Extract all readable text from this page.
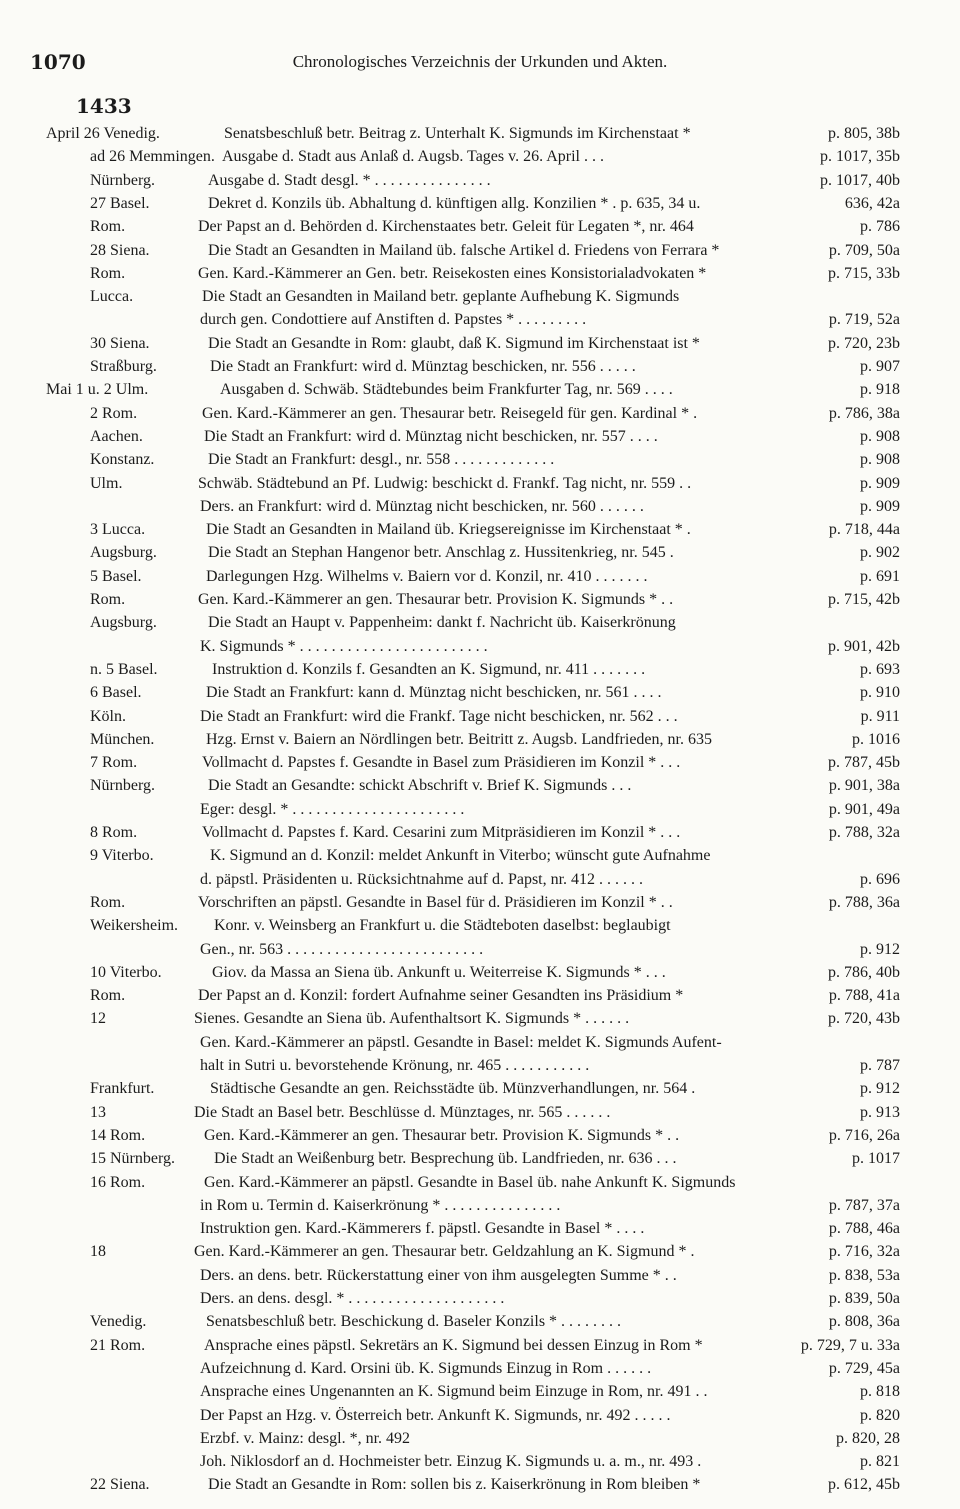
1070	Chronologisches Verzeichnis der Urkunden und Akten.
1433
April 26 Venedig.	Senatsbeschluß betr. Beitrag z. Unterhalt K. Sigmunds im Kirchenstaat *	p. 805, 38b
ad 26 Memmingen. Ausgabe d. Stadt aus Anlaß d. Augsb. Tages v. 26. April . . .	p. 1017, 35b
Nürnberg.	Ausgabe d. Stadt desgl. * . . . . . . . . . . . . . . .	p. 1017, 40b
27 Basel.	Dekret d. Konzils üb. Abhaltung d. künftigen allg. Konzilien * . p. 635, 34 u.	636, 42a
Rom.	Der Papst an d. Behörden d. Kirchenstaates betr. Geleit für Legaten *, nr. 464	p. 786
28 Siena.	Die Stadt an Gesandten in Mailand üb. falsche Artikel d. Friedens von Ferrara *	p. 709, 50a
Rom.	Gen. Kard.-Kämmerer an Gen. betr. Reisekosten eines Konsistorialadvokaten *	p. 715, 33b
Lucca.	Die Stadt an Gesandten in Mailand betr. geplante Aufhebung K. Sigmunds
durch gen. Condottiere auf Anstiften d. Papstes * . . . . . . . . .	p. 719, 52a
30 Siena.	Die Stadt an Gesandte in Rom: glaubt, daß K. Sigmund im Kirchenstaat ist *	p. 720, 23b
Straßburg.	Die Stadt an Frankfurt: wird d. Münztag beschicken, nr. 556 . . . . .	p. 907
Mai 1 u. 2 Ulm.	Ausgaben d. Schwäb. Städtebundes beim Frankfurter Tag, nr. 569 . . . .	p. 918
2 Rom.	Gen. Kard.-Kämmerer an gen. Thesaurar betr. Reisegeld für gen. Kardinal * .	p. 786, 38a
Aachen.	Die Stadt an Frankfurt: wird d. Münztag nicht beschicken, nr. 557 . . . .	p. 908
Konstanz.	Die Stadt an Frankfurt: desgl., nr. 558 . . . . . . . . . . . . .	p. 908
Ulm.	Schwäb. Städtebund an Pf. Ludwig: beschickt d. Frankf. Tag nicht, nr. 559 . .	p. 909
Ders. an Frankfurt: wird d. Münztag nicht beschicken, nr. 560 . . . . . .	p. 909
3 Lucca.	Die Stadt an Gesandten in Mailand üb. Kriegsereignisse im Kirchenstaat * .	p. 718, 44a
Augsburg.	Die Stadt an Stephan Hangenor betr. Anschlag z. Hussitenkrieg, nr. 545 .	p. 902
5 Basel.	Darlegungen Hzg. Wilhelms v. Baiern vor d. Konzil, nr. 410 . . . . . . .	p. 691
Rom.	Gen. Kard.-Kämmerer an gen. Thesaurar betr. Provision K. Sigmunds * . .	p. 715, 42b
Augsburg.	Die Stadt an Haupt v. Pappenheim: dankt f. Nachricht üb. Kaiserkrönung
K. Sigmunds * . . . . . . . . . . . . . . . . . . . . . . . .	p. 901, 42b
n. 5 Basel.	Instruktion d. Konzils f. Gesandten an K. Sigmund, nr. 411 . . . . . . .	p. 693
6 Basel.	Die Stadt an Frankfurt: kann d. Münztag nicht beschicken, nr. 561 . . . .	p. 910
Köln.	Die Stadt an Frankfurt: wird die Frankf. Tage nicht beschicken, nr. 562 . . .	p. 911
München.	Hzg. Ernst v. Baiern an Nördlingen betr. Beitritt z. Augsb. Landfrieden, nr. 635	p. 1016
7 Rom.	Vollmacht d. Papstes f. Gesandte in Basel zum Präsidieren im Konzil * . . .	p. 787, 45b
Nürnberg.	Die Stadt an Gesandte: schickt Abschrift v. Brief K. Sigmunds . . .	p. 901, 38a
Eger: desgl. * . . . . . . . . . . . . . . . . . . . . . .	p. 901, 49a
8 Rom.	Vollmacht d. Papstes f. Kard. Cesarini zum Mitpräsidieren im Konzil * . . .	p. 788, 32a
9 Viterbo.	K. Sigmund an d. Konzil: meldet Ankunft in Viterbo; wünscht gute Aufnahme
d. päpstl. Präsidenten u. Rücksichtnahme auf d. Papst, nr. 412 . . . . . .	p. 696
Rom.	Vorschriften an päpstl. Gesandte in Basel für d. Präsidieren im Konzil * . .	p. 788, 36a
Weikersheim.	Konr. v. Weinsberg an Frankfurt u. die Städteboten daselbst: beglaubigt
Gen., nr. 563 . . . . . . . . . . . . . . . . . . . . . . . . .	p. 912
10 Viterbo.	Giov. da Massa an Siena üb. Ankunft u. Weiterreise K. Sigmunds * . . .	p. 786, 40b
Rom.	Der Papst an d. Konzil: fordert Aufnahme seiner Gesandten ins Präsidium *	p. 788, 41a
12	Sienes. Gesandte an Siena üb. Aufenthaltsort K. Sigmunds * . . . . . .	p. 720, 43b
Gen. Kard.-Kämmerer an päpstl. Gesandte in Basel: meldet K. Sigmunds Aufent-
halt in Sutri u. bevorstehende Krönung, nr. 465 . . . . . . . . . . .	p. 787
Frankfurt.	Städtische Gesandte an gen. Reichsstädte üb. Münzverhandlungen, nr. 564 .	p. 912
13	Die Stadt an Basel betr. Beschlüsse d. Münztages, nr. 565 . . . . . .	p. 913
14 Rom.	Gen. Kard.-Kämmerer an gen. Thesaurar betr. Provision K. Sigmunds * . .	p. 716, 26a
15 Nürnberg.	Die Stadt an Weißenburg betr. Besprechung üb. Landfrieden, nr. 636 . . .	p. 1017
16 Rom.	Gen. Kard.-Kämmerer an päpstl. Gesandte in Basel üb. nahe Ankunft K. Sigmunds
in Rom u. Termin d. Kaiserkrönung * . . . . . . . . . . . . . . .	p. 787, 37a
Instruktion gen. Kard.-Kämmerers f. päpstl. Gesandte in Basel * . . . .	p. 788, 46a
18	Gen. Kard.-Kämmerer an gen. Thesaurar betr. Geldzahlung an K. Sigmund * .	p. 716, 32a
Ders. an dens. betr. Rückerstattung einer von ihm ausgelegten Summe * . .	p. 838, 53a
Ders. an dens. desgl. * . . . . . . . . . . . . . . . . . . . .	p. 839, 50a
Venedig.	Senatsbeschluß betr. Beschickung d. Baseler Konzils * . . . . . . . .	p. 808, 36a
21 Rom.	Ansprache eines päpstl. Sekretärs an K. Sigmund bei dessen Einzug in Rom *	p. 729, 7 u. 33a
Aufzeichnung d. Kard. Orsini üb. K. Sigmunds Einzug in Rom . . . . . .	p. 729, 45a
Ansprache eines Ungenannten an K. Sigmund beim Einzuge in Rom, nr. 491 . .	p. 818
Der Papst an Hzg. v. Österreich betr. Ankunft K. Sigmunds, nr. 492 . . . . .	p. 820
Erzbf. v. Mainz: desgl. *, nr. 492	p. 820, 28
Joh. Niklosdorf an d. Hochmeister betr. Einzug K. Sigmunds u. a. m., nr. 493 .	p. 821
22 Siena.	Die Stadt an Gesandte in Rom: sollen bis z. Kaiserkrönung in Rom bleiben *	p. 612, 45b
